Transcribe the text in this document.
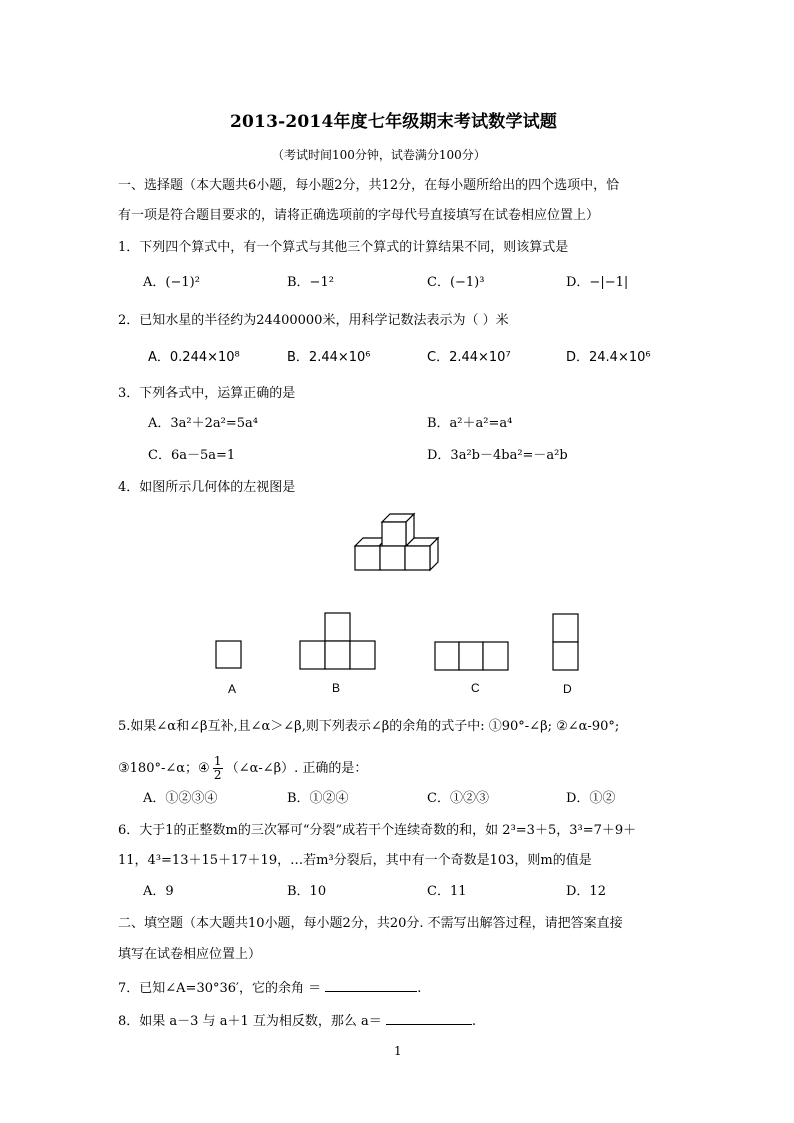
2013-2014年度七年级期末考试数学试题
（考试时间100分钟，试卷满分100分）
一、选择题（本大题共6小题，每小题2分，共12分，在每小题所给出的四个选项中，恰
有一项是符合题目要求的，请将正确选项前的字母代号直接填写在试卷相应位置上）
1．下列四个算式中，有一个算式与其他三个算式的计算结果不同，则该算式是
A．(−1)²	B．−1²	C．(−1)³	D．−|−1|
2．已知水星的半径约为24400000米，用科学记数法表示为（ ）米
A．0.244×10⁸	B．2.44×10⁶	C．2.44×10⁷	D．24.4×10⁶
3．下列各式中，运算正确的是
A．3a²＋2a²=5a⁴	B．a²＋a²=a⁴
C．6a－5a=1	D．3a²b－4ba²=－a²b
4．如图所示几何体的左视图是
A	B	C	D
5.如果∠α和∠β互补,且∠α＞∠β,则下列表示∠β的余角的式子中: ①90°-∠β; ②∠α-90°;
③180°-∠α；④ 1
2 （∠α-∠β）. 正确的是：
A．①②③④	B．①②④	C．①②③	D．①②
6．大于1的正整数m的三次幂可“分裂”成若干个连续奇数的和，如 2³=3＋5，3³=7＋9＋
11，4³=13＋15＋17＋19，…若m³分裂后，其中有一个奇数是103，则m的值是
A．9	B．10	C．11	D．12
二、填空题（本大题共10小题，每小题2分，共20分. 不需写出解答过程，请把答案直接
填写在试卷相应位置上）
7．已知∠A=30°36′，它的余角 ＝	.
8．如果 a－3 与 a＋1 互为相反数，那么 a＝	.
1
